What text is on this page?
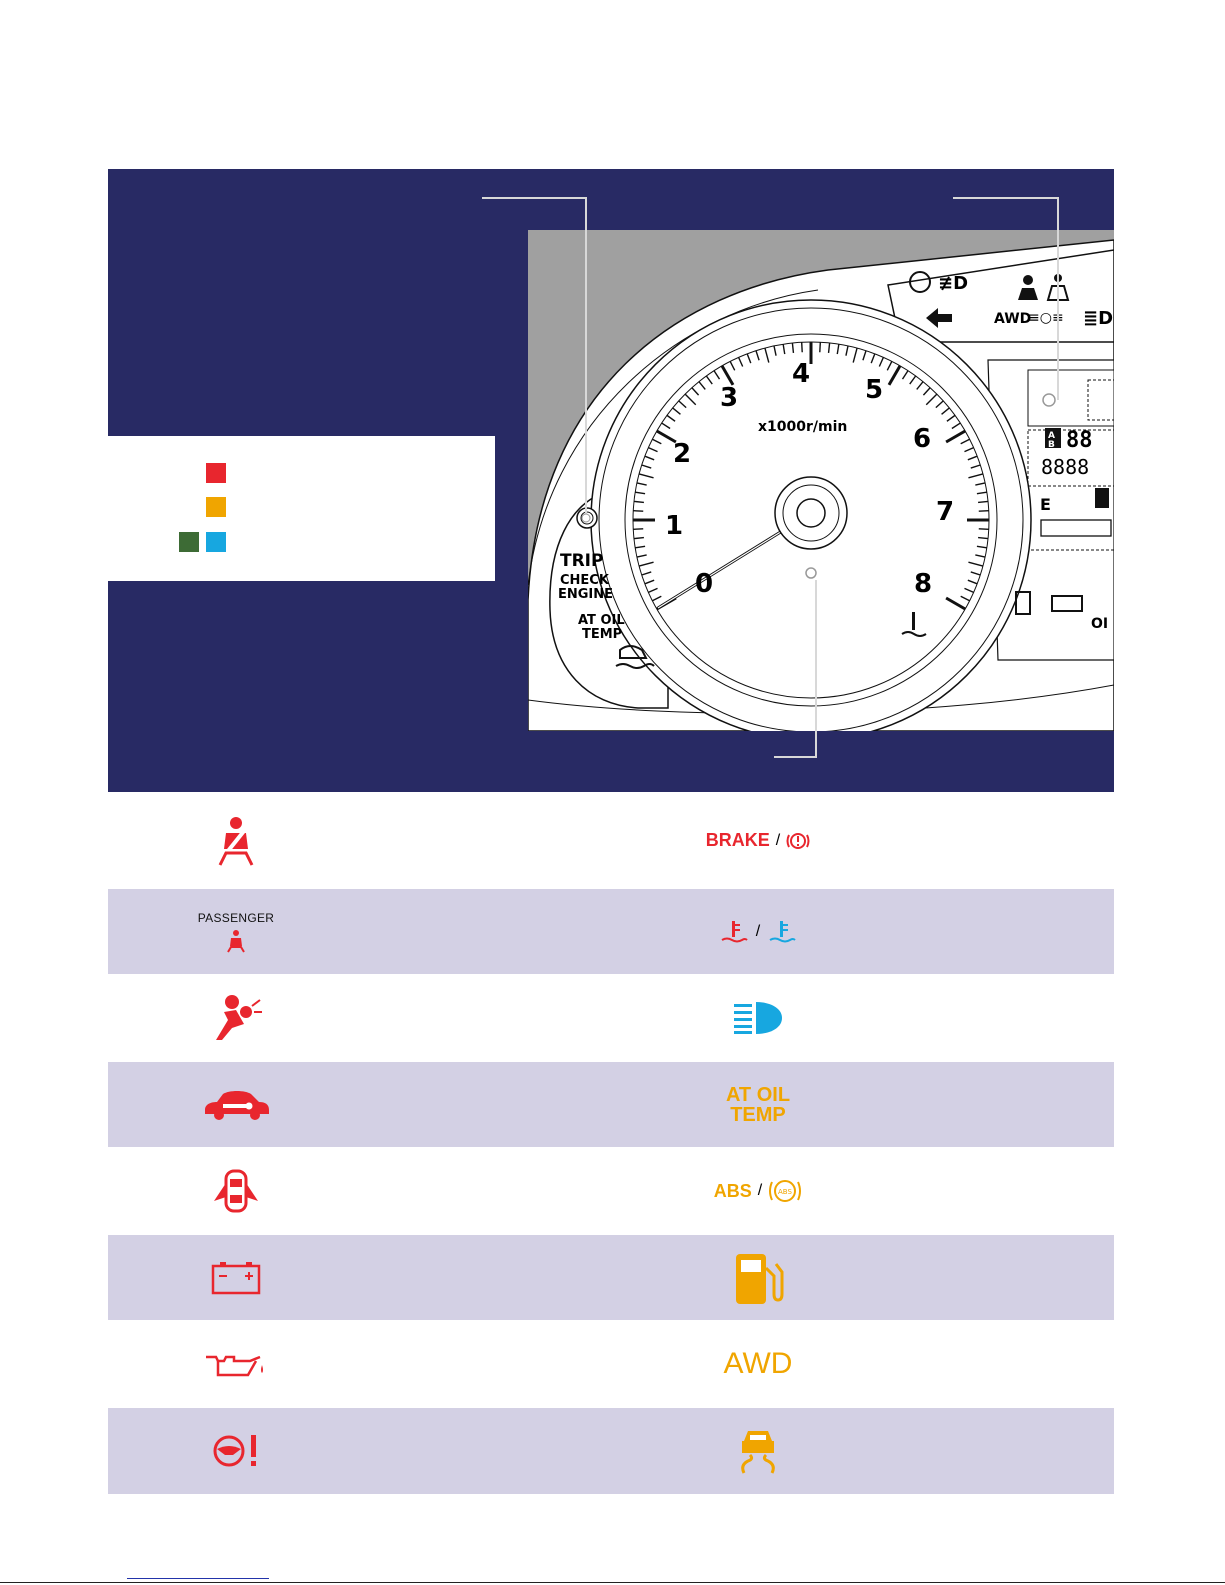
0
1
2
3
4
5
6
7
8
x1000r/min
TRIP
CHECK
ENGINE
AT OIL
TEMP
≢D
AWD
≡○≡ ≣D
A
B 88
8888
E
OI
BRAKE /
PASSENGER
/
AT OIL
TEMP
ABS / ABS
AWD
